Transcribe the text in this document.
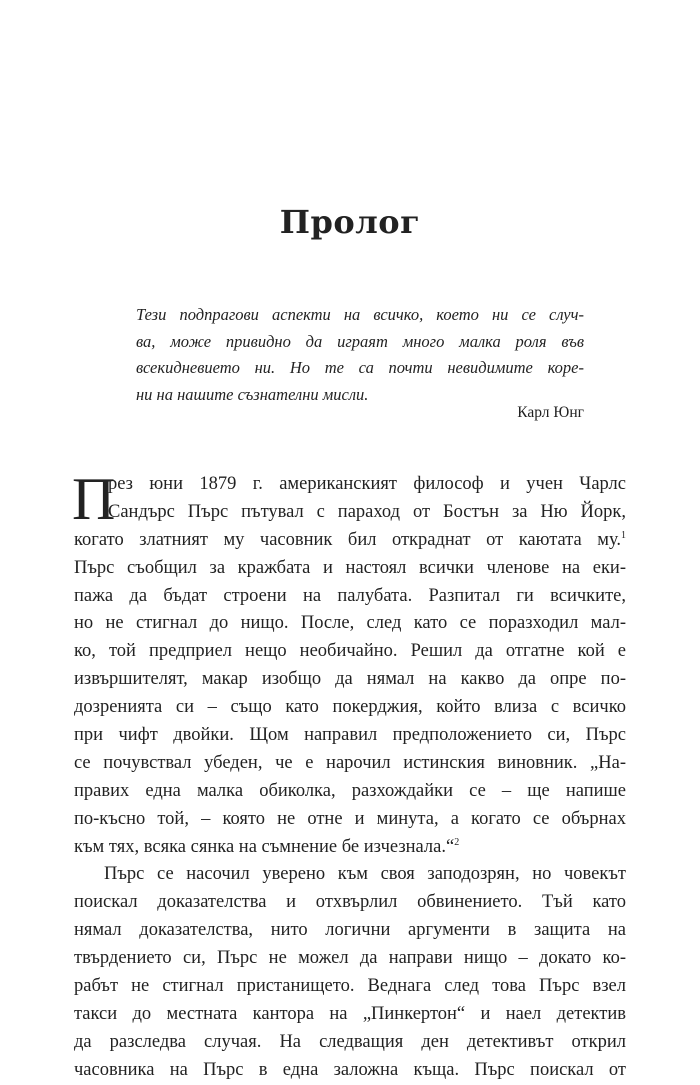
Пролог
Тези подпрагови аспекти на всичко, което ни се случ-
ва, може привидно да играят много малка роля във
всекидневието ни. Но те са почти невидимите коре-
ни на нашите съзнателни мисли.
Карл Юнг
П
рез юни 1879 г. американският философ и учен Чарлс
Сандърс Пърс пътувал с параход от Бостън за Ню Йорк,
когато златният му часовник бил откраднат от каютата му.$^1$
Пърс съобщил за кражбата и настоял всички членове на еки-
пажа да бъдат строени на палубата. Разпитал ги всичките,
но не стигнал до нищо. После, след като се поразходил мал-
ко, той предприел нещо необичайно. Решил да отгатне кой е
извършителят, макар изобщо да нямал на какво да опре по-
дозренията си – също като покерджия, който влиза с всичко
при чифт двойки. Щом направил предположението си, Пърс
се почувствал убеден, че е нарочил истинския виновник. „На-
правих една малка обиколка, разхождайки се – ще напише
по-късно той, – която не отне и минута, а когато се обърнах
към тях, всяка сянка на съмнение бе изчезнала.“$^2$
Пърс се насочил уверено към своя заподозрян, но човекът
поискал доказателства и отхвърлил обвинението. Тъй като
нямал доказателства, нито логични аргументи в защита на
твърдението си, Пърс не можел да направи нищо – докато ко-
рабът не стигнал пристанището. Веднага след това Пърс взел
такси до местната кантора на „Пинкертон“ и наел детектив
да разследва случая. На следващия ден детективът открил
часовника на Пърс в една заложна къща. Пърс поискал от
